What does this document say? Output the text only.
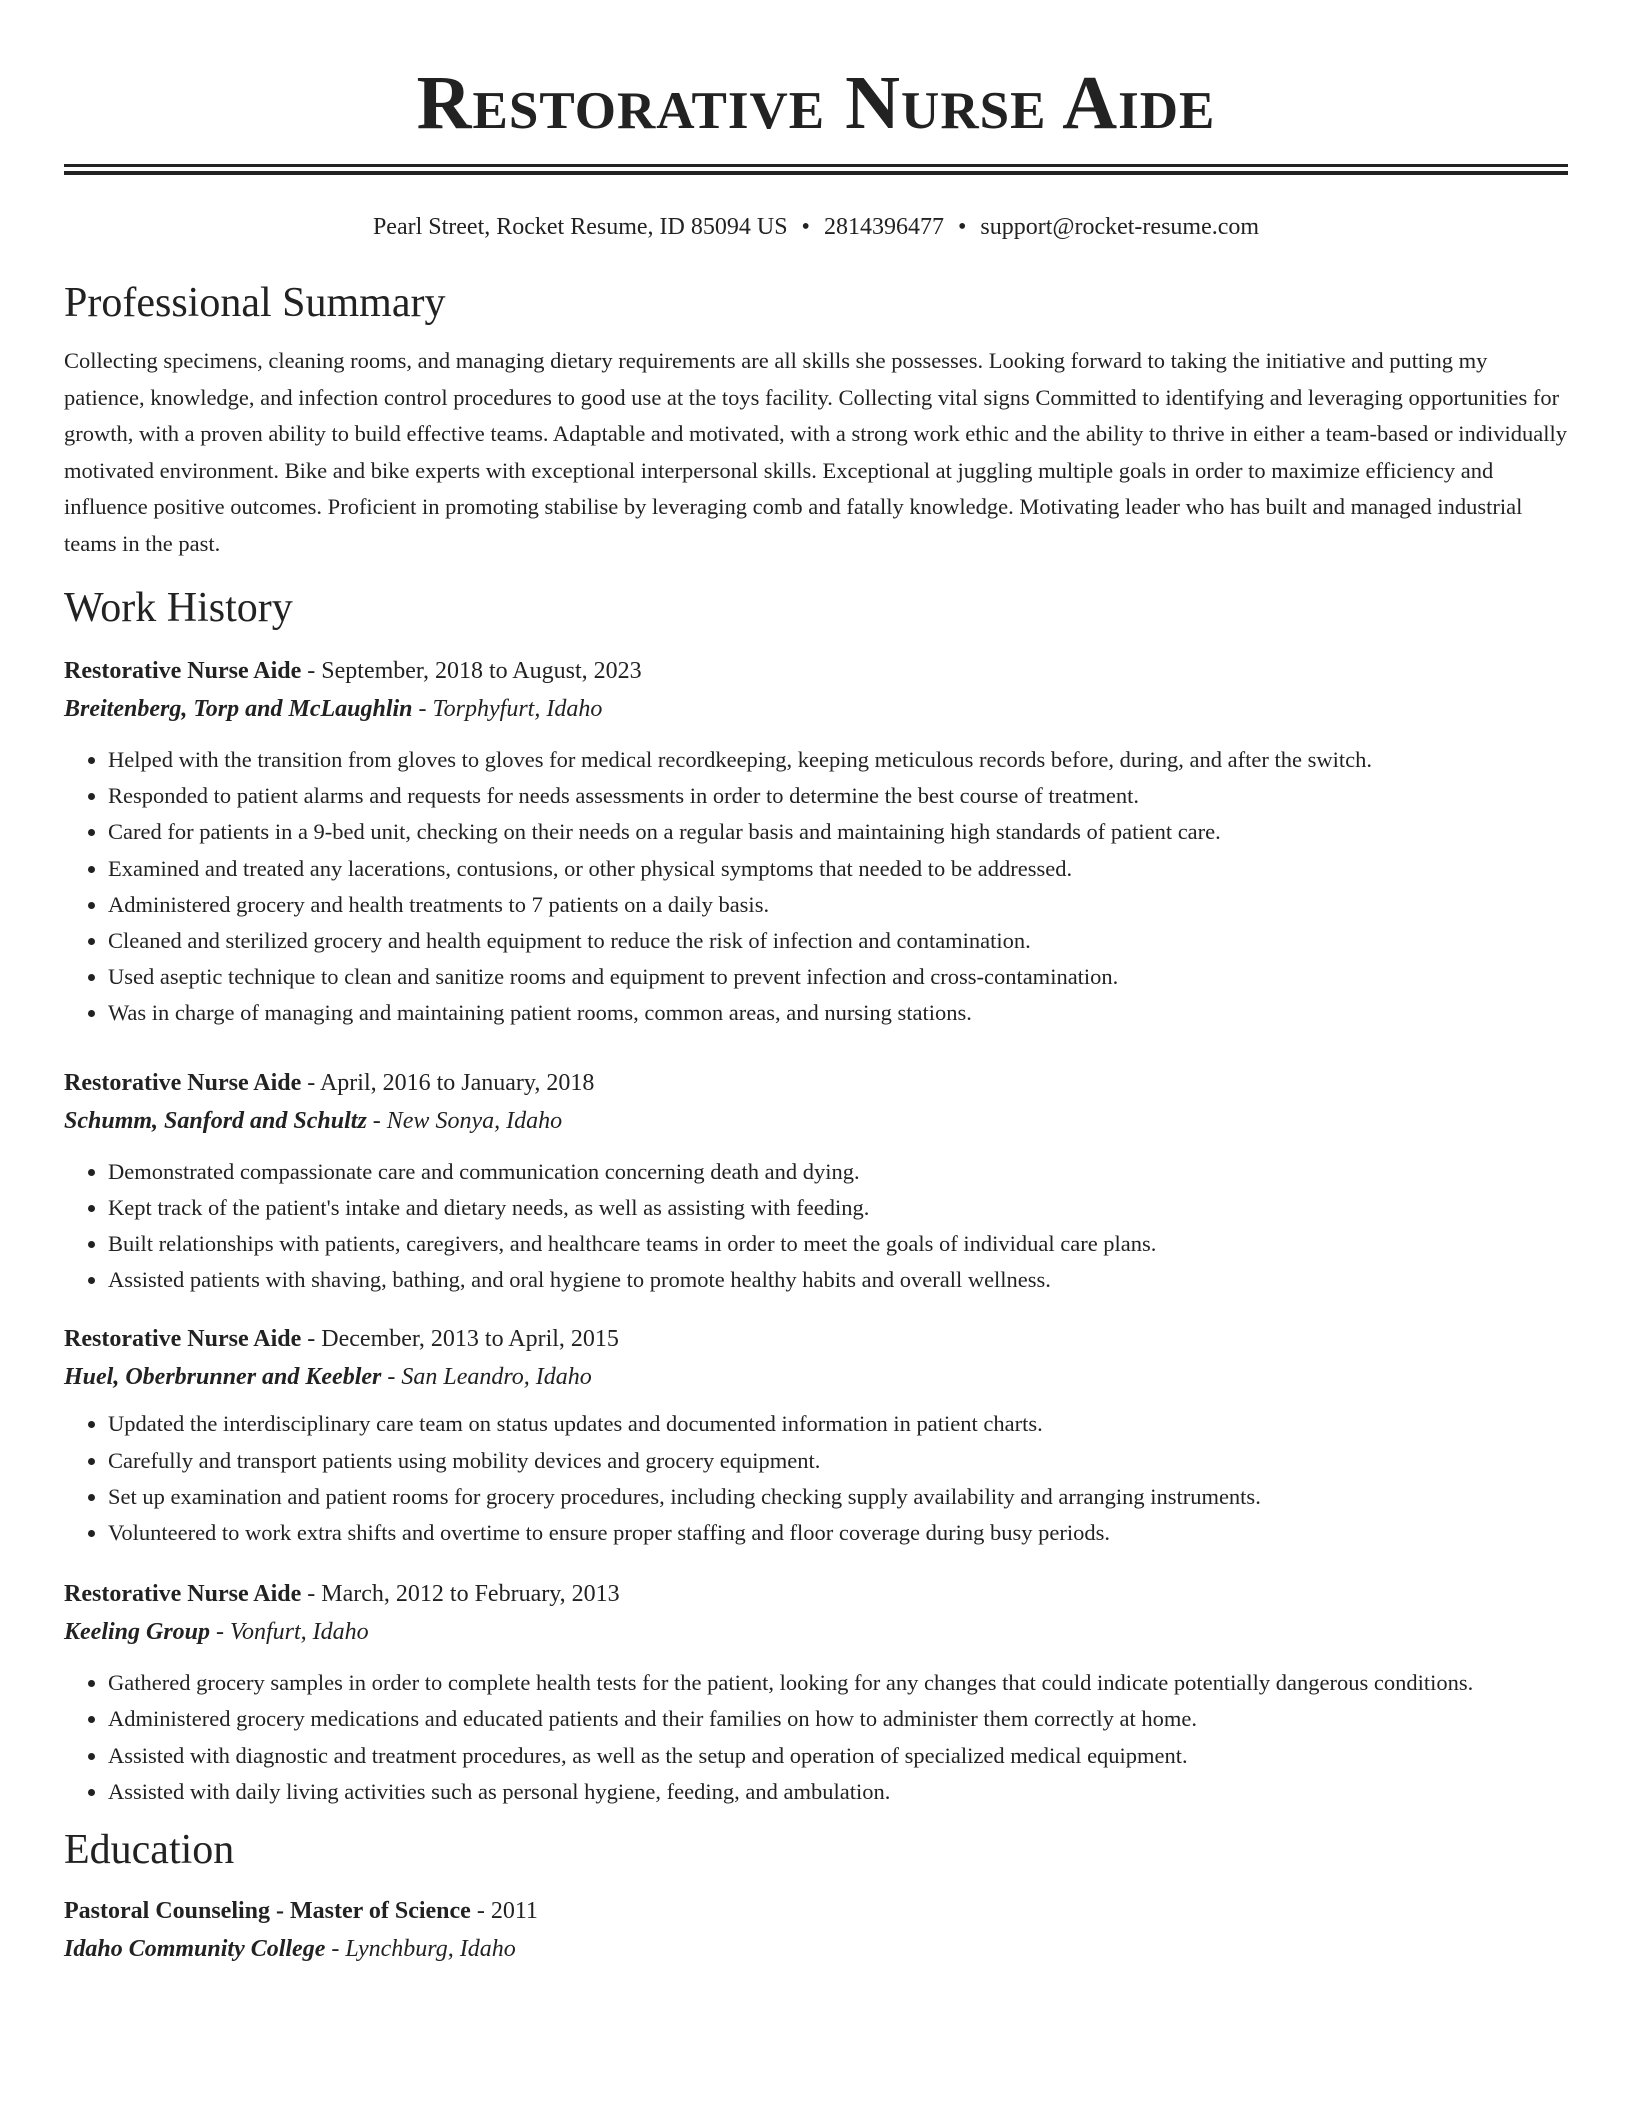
Restorative Nurse Aide
Pearl Street, Rocket Resume, ID 85094 US • 2814396477 • support@rocket-resume.com
Professional Summary
Collecting specimens, cleaning rooms, and managing dietary requirements are all skills she possesses. Looking forward to taking the initiative and putting my patience, knowledge, and infection control procedures to good use at the toys facility. Collecting vital signs Committed to identifying and leveraging opportunities for growth, with a proven ability to build effective teams. Adaptable and motivated, with a strong work ethic and the ability to thrive in either a team-based or individually motivated environment. Bike and bike experts with exceptional interpersonal skills. Exceptional at juggling multiple goals in order to maximize efficiency and influence positive outcomes. Proficient in promoting stabilise by leveraging comb and fatally knowledge. Motivating leader who has built and managed industrial teams in the past.
Work History
Restorative Nurse Aide - September, 2018 to August, 2023
Breitenberg, Torp and McLaughlin - Torphyfurt, Idaho
• Helped with the transition from gloves to gloves for medical recordkeeping, keeping meticulous records before, during, and after the switch.
• Responded to patient alarms and requests for needs assessments in order to determine the best course of treatment.
• Cared for patients in a 9-bed unit, checking on their needs on a regular basis and maintaining high standards of patient care.
• Examined and treated any lacerations, contusions, or other physical symptoms that needed to be addressed.
• Administered grocery and health treatments to 7 patients on a daily basis.
• Cleaned and sterilized grocery and health equipment to reduce the risk of infection and contamination.
• Used aseptic technique to clean and sanitize rooms and equipment to prevent infection and cross-contamination.
• Was in charge of managing and maintaining patient rooms, common areas, and nursing stations.
Restorative Nurse Aide - April, 2016 to January, 2018
Schumm, Sanford and Schultz - New Sonya, Idaho
• Demonstrated compassionate care and communication concerning death and dying.
• Kept track of the patient's intake and dietary needs, as well as assisting with feeding.
• Built relationships with patients, caregivers, and healthcare teams in order to meet the goals of individual care plans.
• Assisted patients with shaving, bathing, and oral hygiene to promote healthy habits and overall wellness.
Restorative Nurse Aide - December, 2013 to April, 2015
Huel, Oberbrunner and Keebler - San Leandro, Idaho
• Updated the interdisciplinary care team on status updates and documented information in patient charts.
• Carefully and transport patients using mobility devices and grocery equipment.
• Set up examination and patient rooms for grocery procedures, including checking supply availability and arranging instruments.
• Volunteered to work extra shifts and overtime to ensure proper staffing and floor coverage during busy periods.
Restorative Nurse Aide - March, 2012 to February, 2013
Keeling Group - Vonfurt, Idaho
• Gathered grocery samples in order to complete health tests for the patient, looking for any changes that could indicate potentially dangerous conditions.
• Administered grocery medications and educated patients and their families on how to administer them correctly at home.
• Assisted with diagnostic and treatment procedures, as well as the setup and operation of specialized medical equipment.
• Assisted with daily living activities such as personal hygiene, feeding, and ambulation.
Education
Pastoral Counseling - Master of Science - 2011
Idaho Community College - Lynchburg, Idaho
